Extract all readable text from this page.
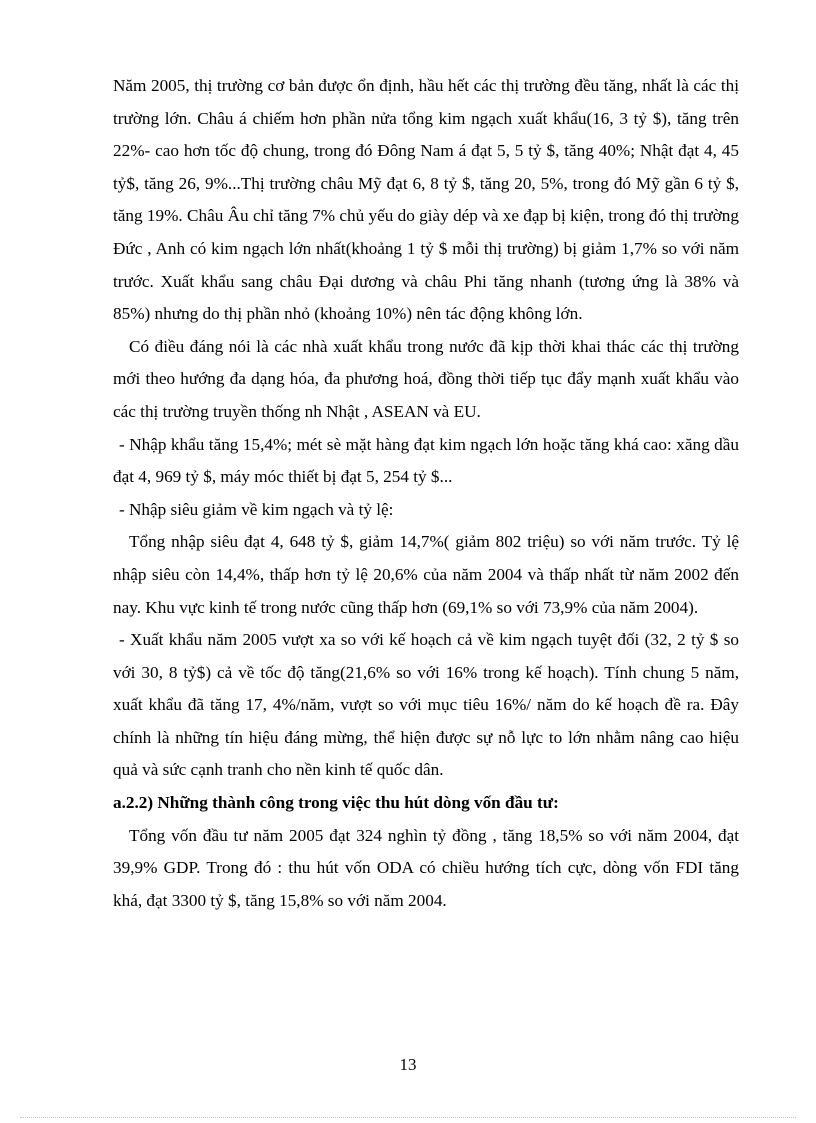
Năm 2005, thị trường cơ bản được ổn định, hầu hết các thị trường đều tăng, nhất là các thị trường lớn. Châu á chiếm hơn phần nửa tổng kim ngạch xuất khẩu(16, 3 tỷ $), tăng trên 22%- cao hơn tốc độ chung, trong đó Đông Nam á đạt 5, 5 tỷ $, tăng 40%; Nhật đạt 4, 45 tỷ$, tăng 26, 9%...Thị trường châu Mỹ đạt 6, 8 tỷ $, tăng 20, 5%, trong đó Mỹ gần 6 tỷ $, tăng 19%. Châu Âu chỉ tăng 7% chủ yếu do giày dép và xe đạp bị kiện, trong đó thị trường Đức , Anh có kim ngạch lớn nhất(khoảng 1 tỷ $ mỗi thị trường) bị giảm 1,7% so với năm trước. Xuất khẩu sang châu Đại dương và châu Phi tăng nhanh (tương ứng là 38% và 85%) nhưng do thị phần nhỏ (khoảng 10%) nên tác động không lớn.

Có điều đáng nói là các nhà xuất khẩu trong nước đã kịp thời khai thác các thị trường mới theo hướng đa dạng hóa, đa phương hoá, đồng thời tiếp tục đẩy mạnh xuất khẩu vào các thị trường truyền thống nh Nhật , ASEAN và EU.

- Nhập khẩu tăng 15,4%; mét sè mặt hàng đạt kim ngạch lớn hoặc tăng khá cao: xăng dầu đạt 4, 969 tỷ $, máy móc thiết bị đạt 5, 254 tỷ $...

- Nhập siêu giảm về kim ngạch và tỷ lệ:

Tổng nhập siêu đạt 4, 648 tỷ $, giảm 14,7%( giảm 802 triệu) so với năm trước. Tỷ lệ nhập siêu còn 14,4%, thấp hơn tỷ lệ 20,6% của năm 2004 và thấp nhất từ năm 2002 đến nay. Khu vực kinh tế trong nước cũng thấp hơn (69,1% so với 73,9% của năm 2004).

- Xuất khẩu năm 2005 vượt xa so với kế hoạch cả về kim ngạch tuyệt đối (32, 2 tỷ $ so với 30, 8 tỷ$) cả về tốc độ tăng(21,6% so với 16% trong kế hoạch). Tính chung 5 năm, xuất khẩu đã tăng 17, 4%/năm, vượt so với mục tiêu 16%/ năm do kế hoạch đề ra. Đây chính là những tín hiệu đáng mừng, thể hiện được sự nỗ lực to lớn nhằm nâng cao hiệu quả và sức cạnh tranh cho nền kinh tế quốc dân.

a.2.2) Những thành công trong việc thu hút dòng vốn đầu tư:

Tổng vốn đầu tư năm 2005 đạt 324 nghìn tỷ đồng , tăng 18,5% so với năm 2004, đạt 39,9% GDP. Trong đó : thu hút vốn ODA có chiều hướng tích cực, dòng vốn FDI tăng khá, đạt 3300 tỷ $, tăng 15,8% so với năm 2004.

13
